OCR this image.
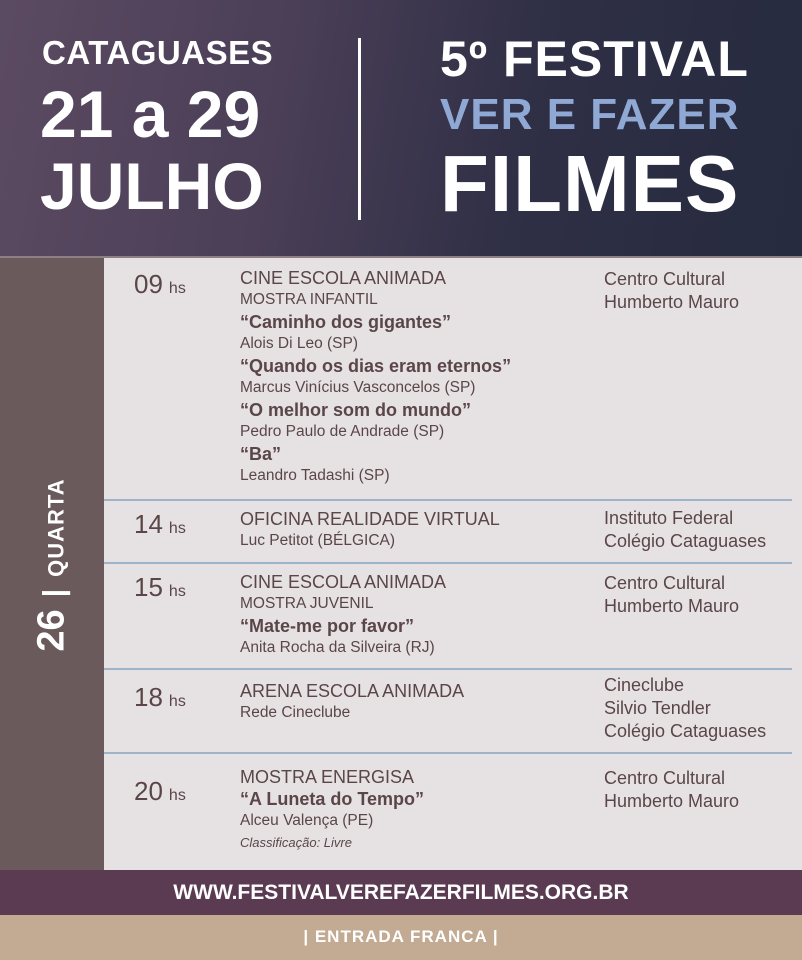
CATAGUASES
21 a 29
JULHO
5º FESTIVAL
VER E FAZER
FILMES
26|QUARTA
09 hs
CINE ESCOLA ANIMADA
MOSTRA INFANTIL
“Caminho dos gigantes”
Alois Di Leo (SP)
“Quando os dias eram eternos”
Marcus Vinícius Vasconcelos (SP)
“O melhor som do mundo”
Pedro Paulo de Andrade (SP)
“Ba”
Leandro Tadashi (SP)
Centro Cultural
Humberto Mauro
14 hs	OFICINA REALIDADE VIRTUAL
Luc Petitot (BÉLGICA)
Instituto Federal
Colégio Cataguases
15 hs	CINE ESCOLA ANIMADA
MOSTRA JUVENIL
“Mate-me por favor”
Anita Rocha da Silveira (RJ)
Centro Cultural
Humberto Mauro
18 hs
ARENA ESCOLA ANIMADA
Rede Cineclube
Cineclube
Silvio Tendler
Colégio Cataguases
20 hs
MOSTRA ENERGISA
“A Luneta do Tempo”
Alceu Valença (PE)
Classificação: Livre
Centro Cultural
Humberto Mauro
WWW.FESTIVALVEREFAZERFILMES.ORG.BR
| ENTRADA FRANCA |
